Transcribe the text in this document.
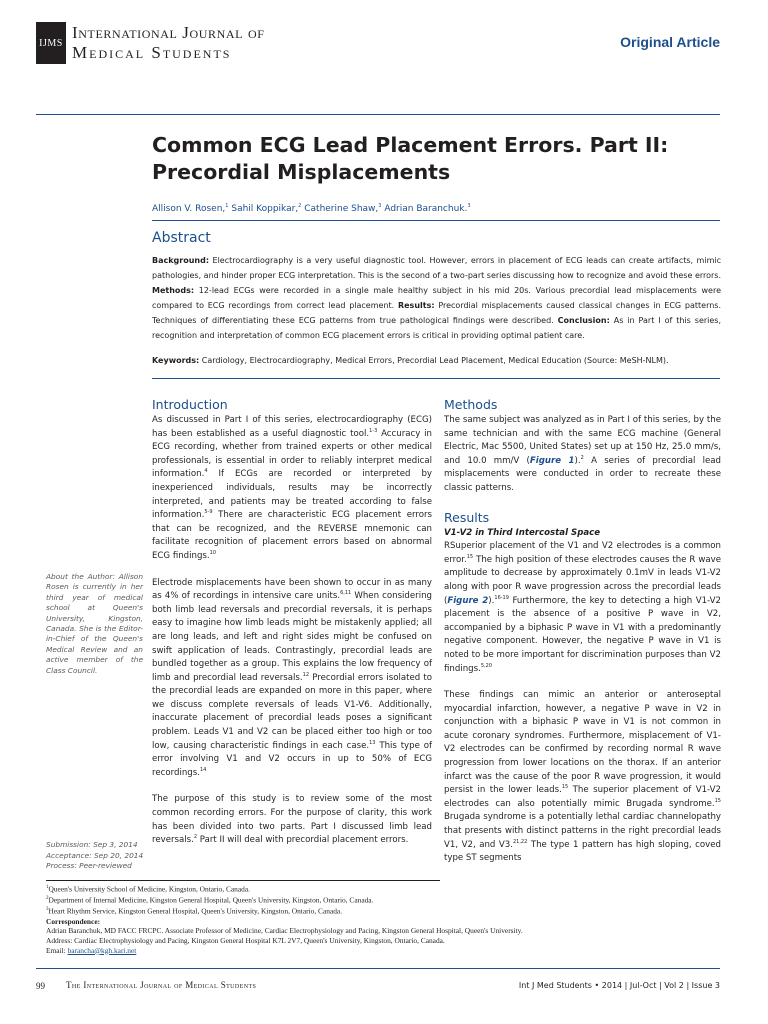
IJMS
International Journal of
Medical Students
Original Article
Common ECG Lead Placement Errors. Part II: Precordial Misplacements
Allison V. Rosen,$^1$ Sahil Koppikar,$^2$ Catherine Shaw,$^3$ Adrian Baranchuk.$^3$
Abstract
Background: Electrocardiography is a very useful diagnostic tool. However, errors in placement of ECG leads can create artifacts, mimic pathologies, and hinder proper ECG interpretation. This is the second of a two-part series discussing how to recognize and avoid these errors. Methods: 12-lead ECGs were recorded in a single male healthy subject in his mid 20s. Various precordial lead misplacements were compared to ECG recordings from correct lead placement. Results: Precordial misplacements caused classical changes in ECG patterns. Techniques of differentiating these ECG patterns from true pathological findings were described. Conclusion: As in Part I of this series, recognition and interpretation of common ECG placement errors is critical in providing optimal patient care.
Keywords: Cardiology, Electrocardiography, Medical Errors, Precordial Lead Placement, Medical Education (Source: MeSH-NLM).
About the Author: Allison Rosen is currently in her third year of medical school at Queen's University, Kingston, Canada. She is the Editor-in-Chief of the Queen's Medical Review and an active member of the Class Council.
Submission: Sep 3, 2014
Acceptance: Sep 20, 2014
Process: Peer-reviewed
Introduction

As discussed in Part I of this series, electrocardiography (ECG) has been established as a useful diagnostic tool.$^{1-3}$ Accuracy in ECG recording, whether from trained experts or other medical professionals, is essential in order to reliably interpret medical information.$^4$ If ECGs are recorded or interpreted by inexperienced individuals, results may be incorrectly interpreted, and patients may be treated according to false information.$^{5-9}$ There are characteristic ECG placement errors that can be recognized, and the REVERSE mnemonic can facilitate recognition of placement errors based on abnormal ECG findings.$^{10}$

Electrode misplacements have been shown to occur in as many as 4% of recordings in intensive care units.$^{6,11}$ When considering both limb lead reversals and precordial reversals, it is perhaps easy to imagine how limb leads might be mistakenly applied; all are long leads, and left and right sides might be confused on swift application of leads. Contrastingly, precordial leads are bundled together as a group. This explains the low frequency of limb and precordial lead reversals.$^{12}$ Precordial errors isolated to the precordial leads are expanded on more in this paper, where we discuss complete reversals of leads V1-V6. Additionally, inaccurate placement of precordial leads poses a significant problem. Leads V1 and V2 can be placed either too high or too low, causing characteristic findings in each case.$^{13}$ This type of error involving V1 and V2 occurs in up to 50% of ECG recordings.$^{14}$

The purpose of this study is to review some of the most common recording errors. For the purpose of clarity, this work has been divided into two parts. Part I discussed limb lead reversals.$^2$ Part II will deal with precordial placement errors.

Methods

The same subject was analyzed as in Part I of this series, by the same technician and with the same ECG machine (General Electric, Mac 5500, United States) set up at 150 Hz, 25.0 mm/s, and 10.0 mm/V (Figure 1).$^2$ A series of precordial lead misplacements were conducted in order to recreate these classic patterns.

Results
V1-V2 in Third Intercostal Space

RSuperior placement of the V1 and V2 electrodes is a common error.$^{15}$ The high position of these electrodes causes the R wave amplitude to decrease by approximately 0.1mV in leads V1-V2 along with poor R wave progression across the precordial leads (Figure 2).$^{16-19}$ Furthermore, the key to detecting a high V1-V2 placement is the absence of a positive P wave in V2, accompanied by a biphasic P wave in V1 with a predominantly negative component. However, the negative P wave in V1 is noted to be more important for discrimination purposes than V2 findings.$^{5,20}$

These findings can mimic an anterior or anteroseptal myocardial infarction, however, a negative P wave in V2 in conjunction with a biphasic P wave in V1 is not common in acute coronary syndromes. Furthermore, misplacement of V1-V2 electrodes can be confirmed by recording normal R wave progression from lower locations on the thorax. If an anterior infarct was the cause of the poor R wave progression, it would persist in the lower leads.$^{15}$ The superior placement of V1-V2 electrodes can also potentially mimic Brugada syndrome.$^{15}$ Brugada syndrome is a potentially lethal cardiac channelopathy that presents with distinct patterns in the right precordial leads V1, V2, and V3.$^{21,22}$ The type 1 pattern has high sloping, coved type ST segments

$^1$Queen's University School of Medicine, Kingston, Ontario, Canada.
$^2$Department of Internal Medicine, Kingston General Hospital, Queen's University, Kingston, Ontario, Canada.
$^3$Heart Rhythm Service, Kingston General Hospital, Queen's University, Kingston, Ontario, Canada.
Correspondence:
Adrian Baranchuk, MD FACC FRCPC. Associate Professor of Medicine, Cardiac Electrophysiology and Pacing, Kingston General Hospital, Queen's University.
Address: Cardiac Electrophysiology and Pacing, Kingston General Hospital K7L 2V7, Queen's University, Kingston, Ontario, Canada.
Email: barancha@kgh.kari.net
99 The International Journal of Medical Students	Int J Med Students • 2014 | Jul-Oct | Vol 2 | Issue 3
